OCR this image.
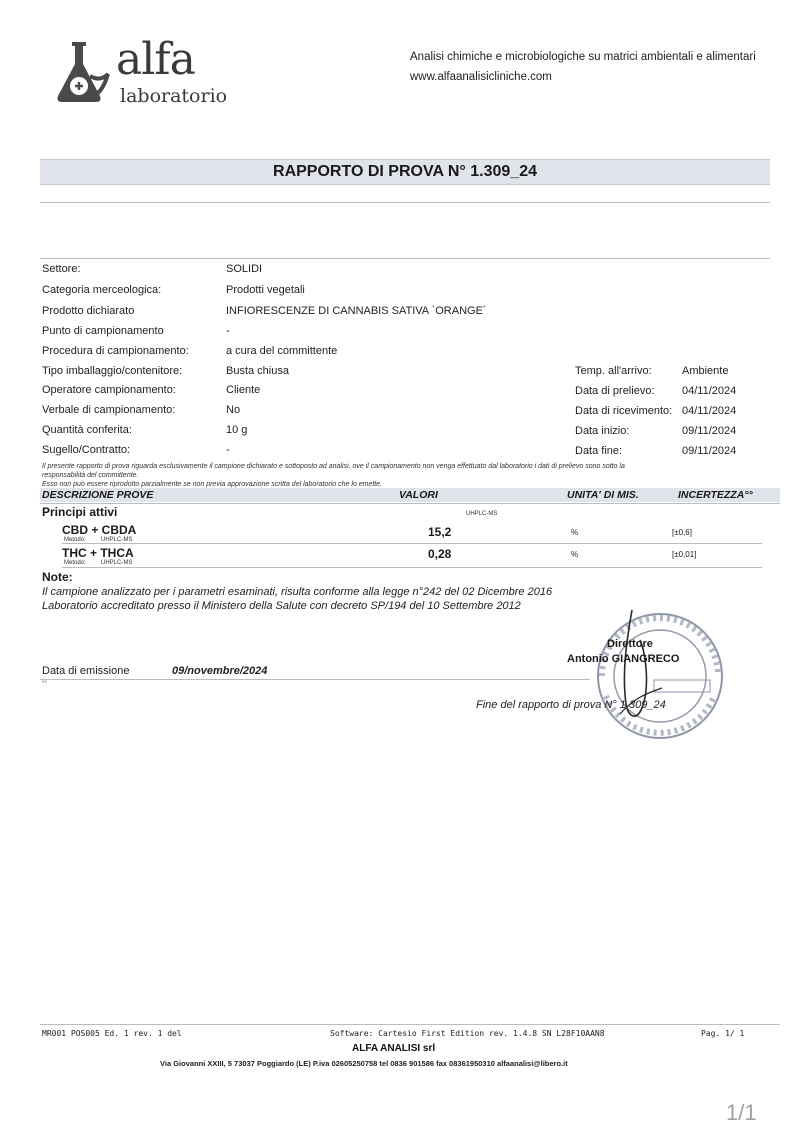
alfa
laboratorio
Analisi chimiche e microbiologiche su matrici ambientali e alimentari
www.alfaanalisicliniche.com
RAPPORTO DI PROVA N° 1.309_24
Settore:	SOLIDI
Categoria merceologica:	Prodotti vegetali
Prodotto dichiarato	INFIORESCENZE DI CANNABIS SATIVA `ORANGE´
Punto di campionamento	-
Procedura di campionamento:	a cura del committente
Tipo imballaggio/contenitore:	Busta chiusa
Operatore campionamento:	Cliente
Verbale di campionamento:	No
Quantità conferita:	10 g
Sugello/Contratto:	-
Temp. all'arrivo:	Ambiente
Data di prelievo:	04/11/2024
Data di ricevimento: 04/11/2024
Data inizio:	09/11/2024
Data fine:	09/11/2024
Il presente rapporto di prova riguarda esclusivamente il campione dichiarato e sottoposto ad analisi, ove il campionamento non venga effettuato dal laboratorio i dati di prelievo sono sotto la
responsabilità del committente.
Esso non può essere riprodotto parzialmente se non previa approvazione scritta del laboratorio che lo emette.
DESCRIZIONE PROVE	VALORI	UNITA' DI MIS.	INCERTEZZA°°
Principi attivi	UHPLC-MS
CBD + CBDA
Metodo:	UHPLC-MS
15,2	%	[±0,6]
THC + THCA
Metodo:	UHPLC-MS
0,28	%	[±0,01]
Note:
Il campione analizzato per i parametri esaminati, risulta conforme alla legge n°242 del 02 Dicembre 2016
Laboratorio accreditato presso il Ministero della Salute con decreto SP/194 del 10 Settembre 2012
Direttore
Antonio GIANGRECO
Data di emissione	09/novembre/2024
°°
Fine del rapporto di prova N° 1.309_24
MR001 POS005 Ed. 1 rev. 1 del	Software: Cartesio First Edition rev. 1.4.8 SN L28F10AAN8	Pag. 1/ 1
ALFA ANALISI srl
Via Giovanni XXIII, 5 73037 Poggiardo (LE) P.iva 02605250758 tel 0836 901586 fax 08361950310 alfaanalisi@libero.it
1/1
